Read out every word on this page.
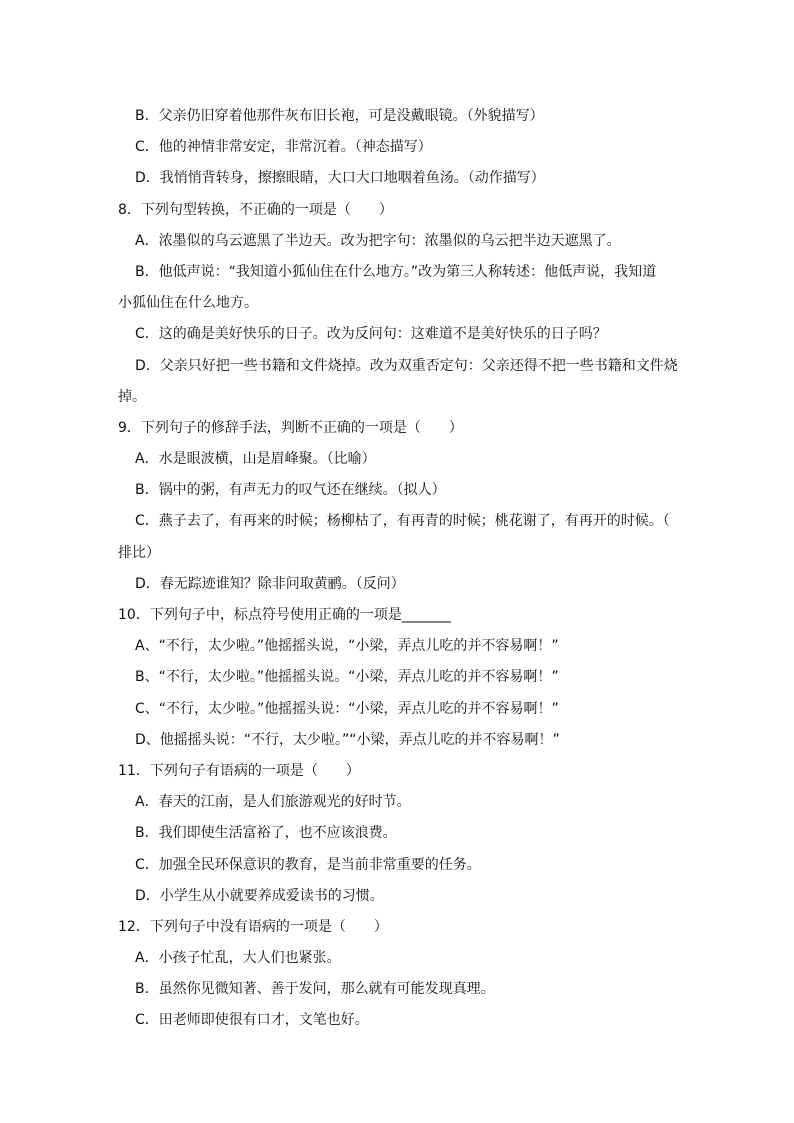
B．父亲仍旧穿着他那件灰布旧长袍，可是没戴眼镜。（外貌描写）
C．他的神情非常安定，非常沉着。（神态描写）
D．我悄悄背转身，擦擦眼睛，大口大口地咽着鱼汤。（动作描写）
8．下列句型转换，不正确的一项是（　　）
A．浓墨似的乌云遮黑了半边天。改为把字句：浓墨似的乌云把半边天遮黑了。
B．他低声说：“我知道小狐仙住在什么地方。”改为第三人称转述：他低声说，我知道
小狐仙住在什么地方。
C．这的确是美好快乐的日子。改为反问句：这难道不是美好快乐的日子吗？
D．父亲只好把一些书籍和文件烧掉。改为双重否定句：父亲还得不把一些书籍和文件烧
掉。
9．下列句子的修辞手法，判断不正确的一项是（　　）
A．水是眼波横，山是眉峰聚。（比喻）
B．锅中的粥，有声无力的叹气还在继续。（拟人）
C．燕子去了，有再来的时候；杨柳枯了，有再青的时候；桃花谢了，有再开的时候。（
排比）
D．春无踪迹谁知？除非问取黄鹂。（反问）
10．下列句子中，标点符号使用正确的一项是_______
A、“不行，太少啦。”他摇摇头说，“小梁，弄点儿吃的并不容易啊！”
B、“不行，太少啦。”他摇摇头说。“小梁，弄点儿吃的并不容易啊！”
C、“不行，太少啦。”他摇摇头说：“小梁，弄点儿吃的并不容易啊！”
D、他摇摇头说：“不行，太少啦。”“小梁，弄点儿吃的并不容易啊！”
11．下列句子有语病的一项是（　　）
A．春天的江南，是人们旅游观光的好时节。
B．我们即使生活富裕了，也不应该浪费。
C．加强全民环保意识的教育，是当前非常重要的任务。
D．小学生从小就要养成爱读书的习惯。
12．下列句子中没有语病的一项是（　　）
A．小孩子忙乱，大人们也紧张。
B．虽然你见微知著、善于发问，那么就有可能发现真理。
C．田老师即使很有口才，文笔也好。
